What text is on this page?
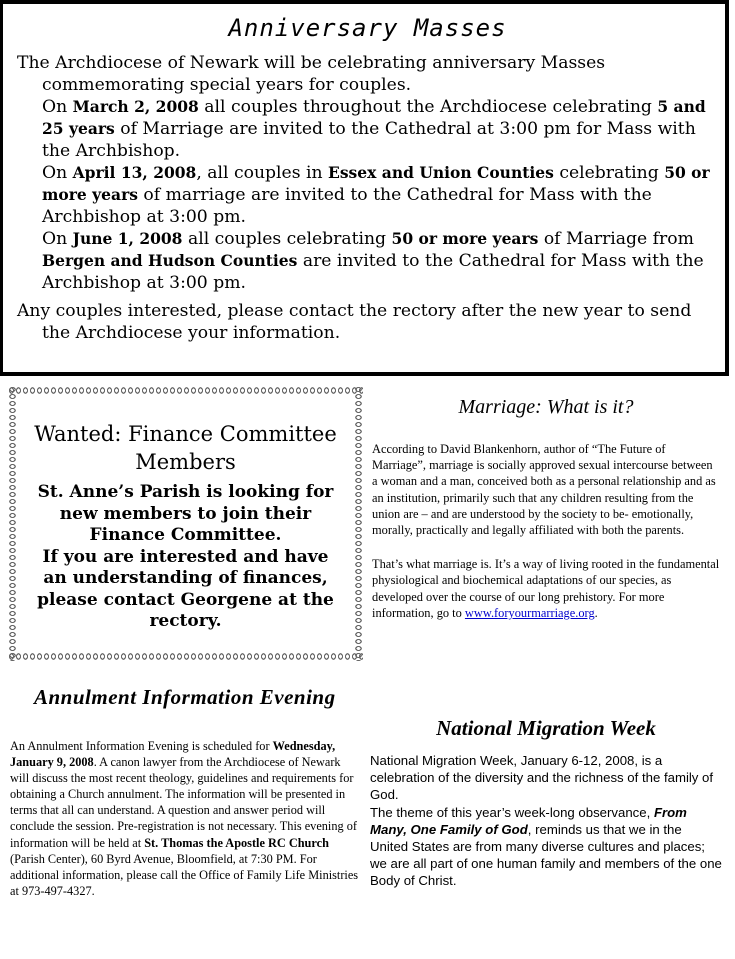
Anniversary Masses

The Archdiocese of Newark will be celebrating anniversary Masses commemorating special years for couples.

On March 2, 2008 all couples throughout the Archdiocese celebrating 5 and 25 years of Marriage are invited to the Cathedral at 3:00 pm for Mass with the Archbishop.

On April 13, 2008, all couples in Essex and Union Counties celebrating 50 or more years of marriage are invited to the Cathedral for Mass with the Archbishop at 3:00 pm.

On June 1, 2008 all couples celebrating 50 or more years of Marriage from Bergen and Hudson Counties are invited to the Cathedral for Mass with the Archbishop at 3:00 pm.

Any couples interested, please contact the rectory after the new year to send the Archdiocese your information.

Wanted: Finance Committee Members
St. Anne’s Parish is looking for new members to join their Finance Committee.
If you are interested and have an understanding of finances, please contact Georgene at the rectory.
Annulment Information Evening
An Annulment Information Evening is scheduled for Wednesday, January 9, 2008. A canon lawyer from the Archdiocese of Newark will discuss the most recent theology, guidelines and requirements for obtaining a Church annulment. The information will be presented in terms that all can understand. A question and answer period will conclude the session. Pre-registration is not necessary. This evening of information will be held at St. Thomas the Apostle RC Church (Parish Center), 60 Byrd Avenue, Bloomfield, at 7:30 PM. For additional information, please call the Office of Family Life Ministries at 973-497-4327.
Marriage: What is it?

According to David Blankenhorn, author of “The Future of Marriage”, marriage is socially approved sexual intercourse between a woman and a man, conceived both as a personal relationship and as an institution, primarily such that any children resulting from the union are – and are understood by the society to be- emotionally, morally, practically and legally affiliated with both the parents.

That’s what marriage is. It’s a way of living rooted in the fundamental physiological and biochemical adaptations of our species, as developed over the course of our long prehistory. For more information, go to www.foryourmarriage.org.

National Migration Week

National Migration Week, January 6-12, 2008, is a celebration of the diversity and the richness of the family of God.

The theme of this year’s week-long observance, From Many, One Family of God, reminds us that we in the United States are from many diverse cultures and places; we are all part of one human family and members of the one Body of Christ.
